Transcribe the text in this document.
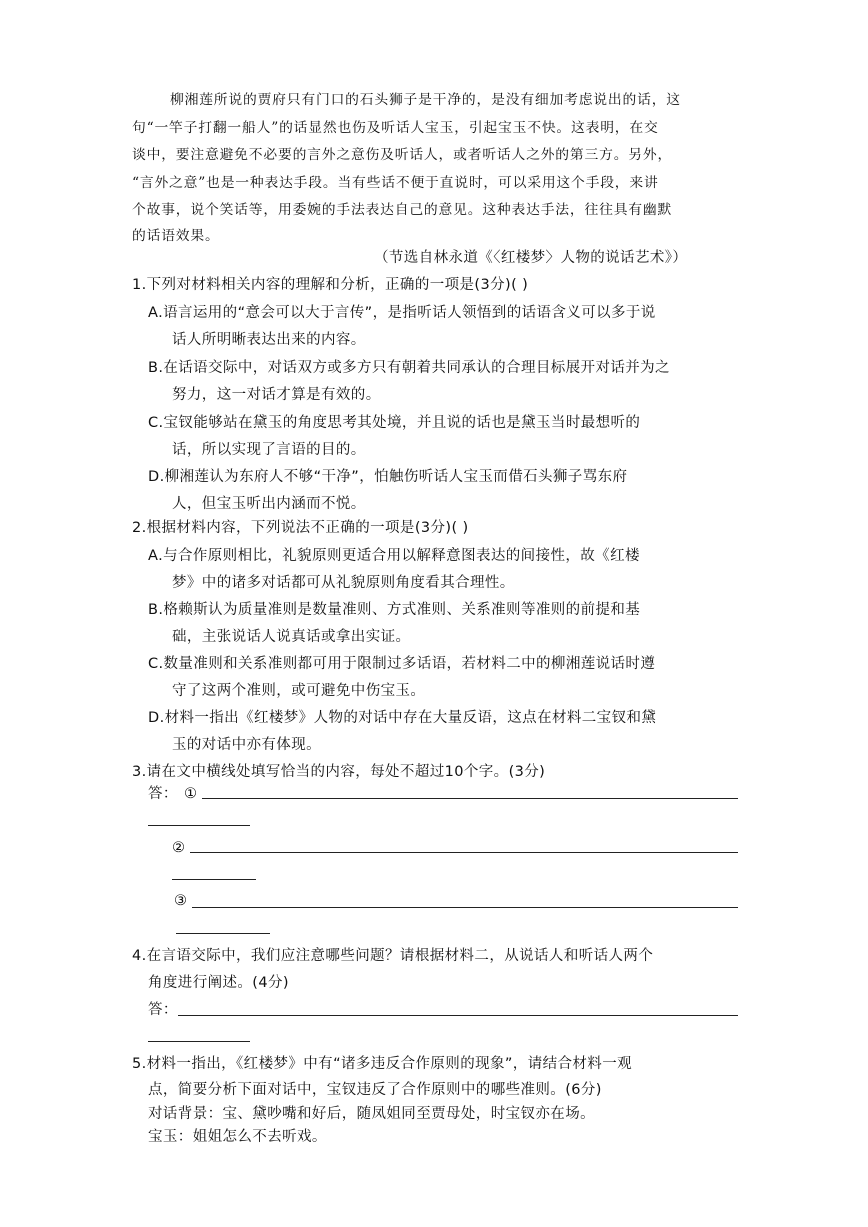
柳湘莲所说的贾府只有门口的石头狮子是干净的，是没有细加考虑说出的话，这
句“一竿子打翻一船人”的话显然也伤及听话人宝玉，引起宝玉不快。这表明，在交
谈中，要注意避免不必要的言外之意伤及听话人，或者听话人之外的第三方。另外，
“言外之意”也是一种表达手段。当有些话不便于直说时，可以采用这个手段，来讲
个故事，说个笑话等，用委婉的手法表达自己的意见。这种表达手法，往往具有幽默
的话语效果。
（节选自林永道《〈红楼梦〉人物的说话艺术》）
1.下列对材料相关内容的理解和分析，正确的一项是(3分)( )
A.语言运用的“意会可以大于言传”，是指听话人领悟到的话语含义可以多于说
话人所明晰表达出来的内容。
B.在话语交际中，对话双方或多方只有朝着共同承认的合理目标展开对话并为之
努力，这一对话才算是有效的。
C.宝钗能够站在黛玉的角度思考其处境，并且说的话也是黛玉当时最想听的
话，所以实现了言语的目的。
D.柳湘莲认为东府人不够“干净”，怕触伤听话人宝玉而借石头狮子骂东府
人，但宝玉听出内涵而不悦。
2.根据材料内容，下列说法不正确的一项是(3分)( )
A.与合作原则相比，礼貌原则更适合用以解释意图表达的间接性，故《红楼
梦》中的诸多对话都可从礼貌原则角度看其合理性。
B.格赖斯认为质量准则是数量准则、方式准则、关系准则等准则的前提和基
础，主张说话人说真话或拿出实证。
C.数量准则和关系准则都可用于限制过多话语，若材料二中的柳湘莲说话时遵
守了这两个准则，或可避免中伤宝玉。
D.材料一指出《红楼梦》人物的对话中存在大量反语，这点在材料二宝钗和黛
玉的对话中亦有体现。
3.请在文中横线处填写恰当的内容，每处不超过10个字。(3分)
答： ①
②
③
4.在言语交际中，我们应注意哪些问题？请根据材料二，从说话人和听话人两个
角度进行阐述。(4分)
答：
5.材料一指出，《红楼梦》中有“诸多违反合作原则的现象”，请结合材料一观
点，简要分析下面对话中，宝钗违反了合作原则中的哪些准则。(6分)
对话背景：宝、黛吵嘴和好后，随凤姐同至贾母处，时宝钗亦在场。
宝玉：姐姐怎么不去听戏。
